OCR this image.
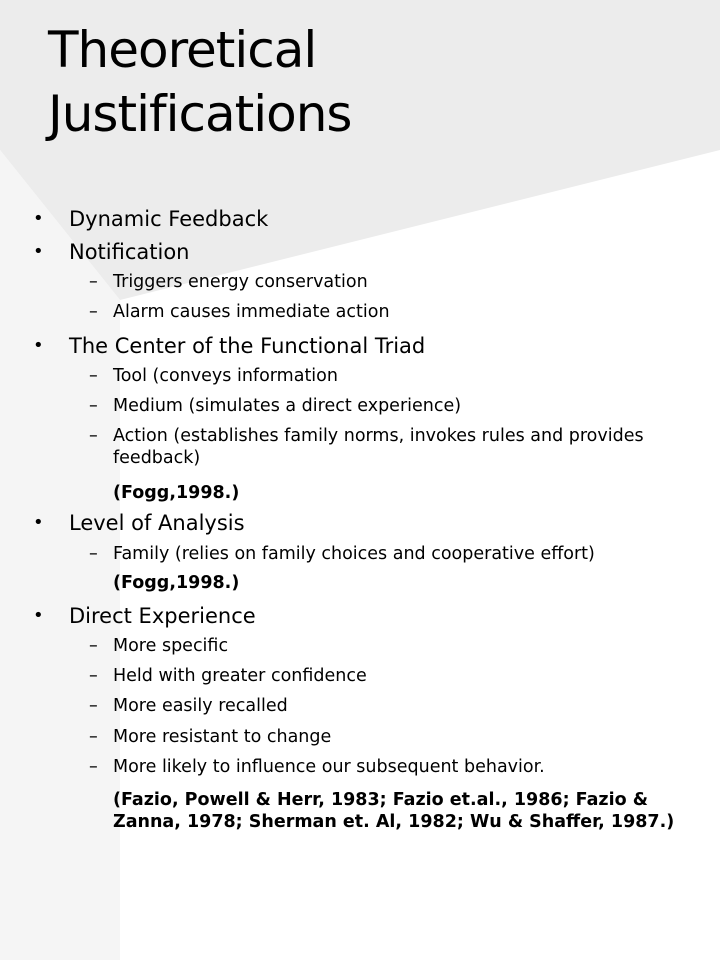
Theoretical
Justifications
• Dynamic Feedback
• Notification
– Triggers energy conservation
– Alarm causes immediate action
• The Center of the Functional Triad
– Tool (conveys information
– Medium (simulates a direct experience)
– Action (establishes family norms, invokes rules and provides feedback)
(Fogg,1998.)
• Level of Analysis
– Family (relies on family choices and cooperative effort)
(Fogg,1998.)
• Direct Experience
– More specific
– Held with greater confidence
– More easily recalled
– More resistant to change
– More likely to influence our subsequent behavior.
(Fazio, Powell & Herr, 1983; Fazio et.al., 1986; Fazio & Zanna, 1978; Sherman et. Al, 1982; Wu & Shaffer, 1987.)
